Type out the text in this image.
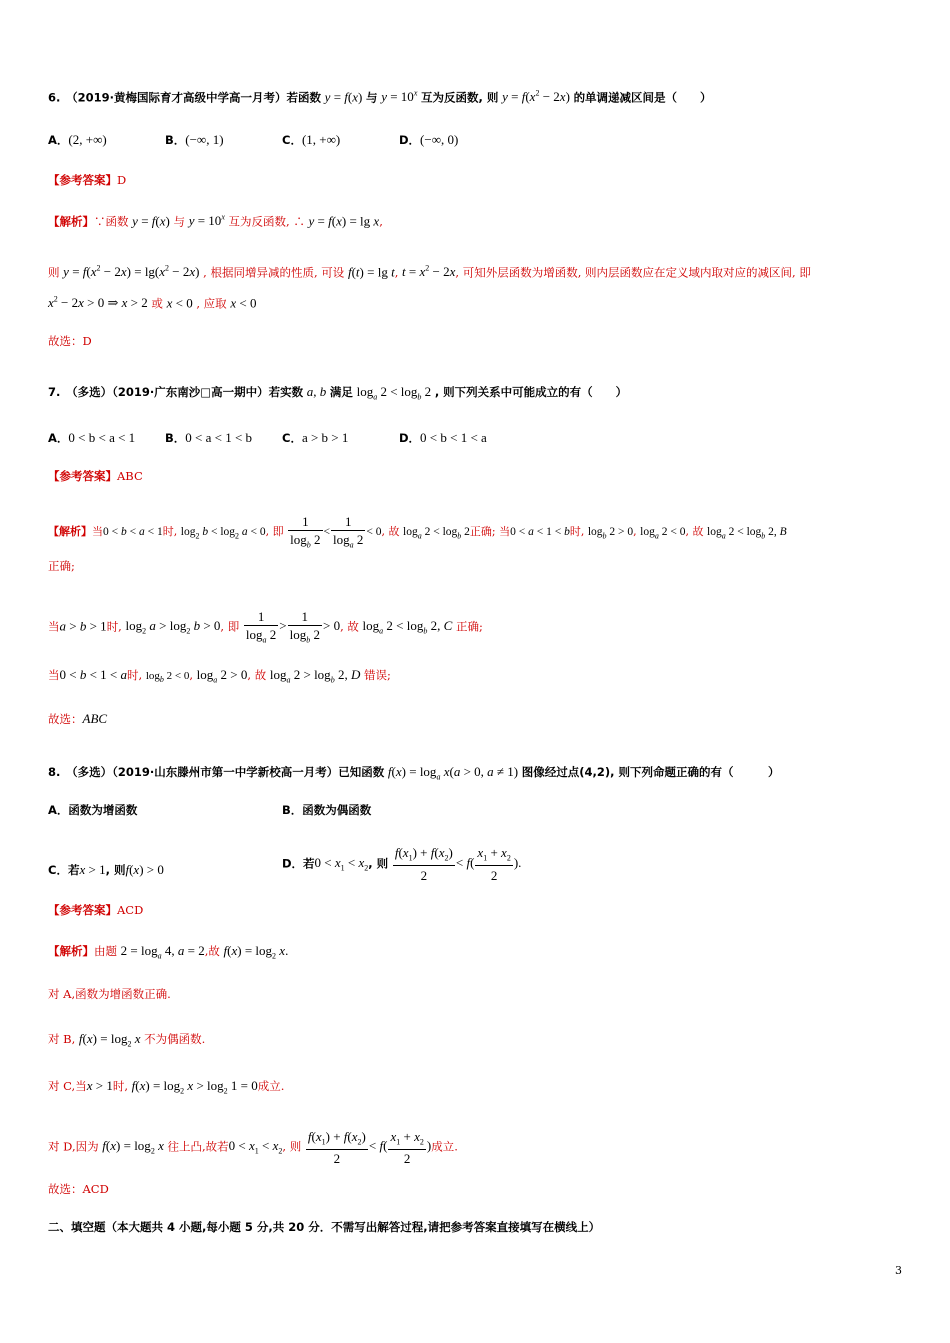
6.　（2019·黄梅国际育才高级中学高一月考）若函数 y = f(x) 与 $y = 10^x$ 互为反函数, 则 $y = f(x^2 - 2x)$ 的单调递减区间是（　　）
A．(2, +∞)	B．(−∞, 1)	C．(1, +∞)	D．(−∞, 0)
【参考答案】D
【解析】∵函数 y = f(x) 与 $y = 10^x$ 互为反函数, ∴ y = f(x) = lg x,
则 $y = f(x^2 - 2x) = \lg(x^2 - 2x)$ , 根据同增异减的性质, 可设 f(t) = lg t, $t = x^2 - 2x$, 可知外层函数为增函数, 则内层函数应在定义域内取对应的减区间, 即
$x^2 - 2x > 0$ ⇒ x > 2 或 x < 0 , 应取 x < 0
故选：D
7.　（多选）（2019·广东南沙□高一期中）若实数 a, b 满足 $\log_a 2 < \log_b 2$ , 则下列关系中可能成立的有（　　）
A．0 < b < a < 1	B．0 < a < 1 < b	C．a > b > 1	D．0 < b < 1 < a
【参考答案】ABC
【解析】当0 < b < a < 1时, $\log_2 b < \log_2 a < 0$, 即 $\frac{1}{\log_b 2} < \frac{1}{\log_a 2} < 0$, 故 $\log_a 2 < \log_b 2$正确; 当0 < a < 1 < b时, $\log_b 2 > 0$, $\log_a 2 < 0$, 故 $\log_a 2 < \log_b 2$, B
正确;
当a > b > 1时, $\log_2 a > \log_2 b > 0$, 即 $\frac{1}{\log_a 2} > \frac{1}{\log_b 2} > 0$, 故 $\log_a 2 < \log_b 2$, C 正确;
当0 < b < 1 < a时, $\log_b 2 < 0$, $\log_a 2 > 0$, 故 $\log_a 2 > \log_b 2$, D 错误;
故选：ABC
8.　（多选）（2019·山东滕州市第一中学新校高一月考）已知函数 $f(x) = \log_a x(a > 0$, a ≠ 1) 图像经过点(4,2), 则下列命题正确的有（　　　）
A．函数为增函数	B．函数为偶函数
C．若x > 1, 则f(x) > 0	D．若$0 < x_1 < x_2$, 则 $\frac{f(x_1) + f(x_2)}{2} < f( \frac{x_1 + x_2}{2}$ ).
【参考答案】ACD
【解析】由题 $2 = \log_a 4$, a = 2,故 $f(x) = \log_2 x$.
对 A,函数为增函数正确.
对 B, $f(x) = \log_2 x$ 不为偶函数.
对 C,当x > 1时, $f(x) = \log_2 x > \log_2 1 = 0$成立.
对 D,因为 $f(x) = \log_2 x$ 往上凸,故若$0 < x_1 < x_2$, 则 $\frac{f(x_1) + f(x_2)}{2} < f( \frac{x_1 + x_2}{2}$ )成立.
故选：ACD
二、填空题（本大题共 4 小题,每小题 5 分,共 20 分．不需写出解答过程,请把参考答案直接填写在横线上）
3
